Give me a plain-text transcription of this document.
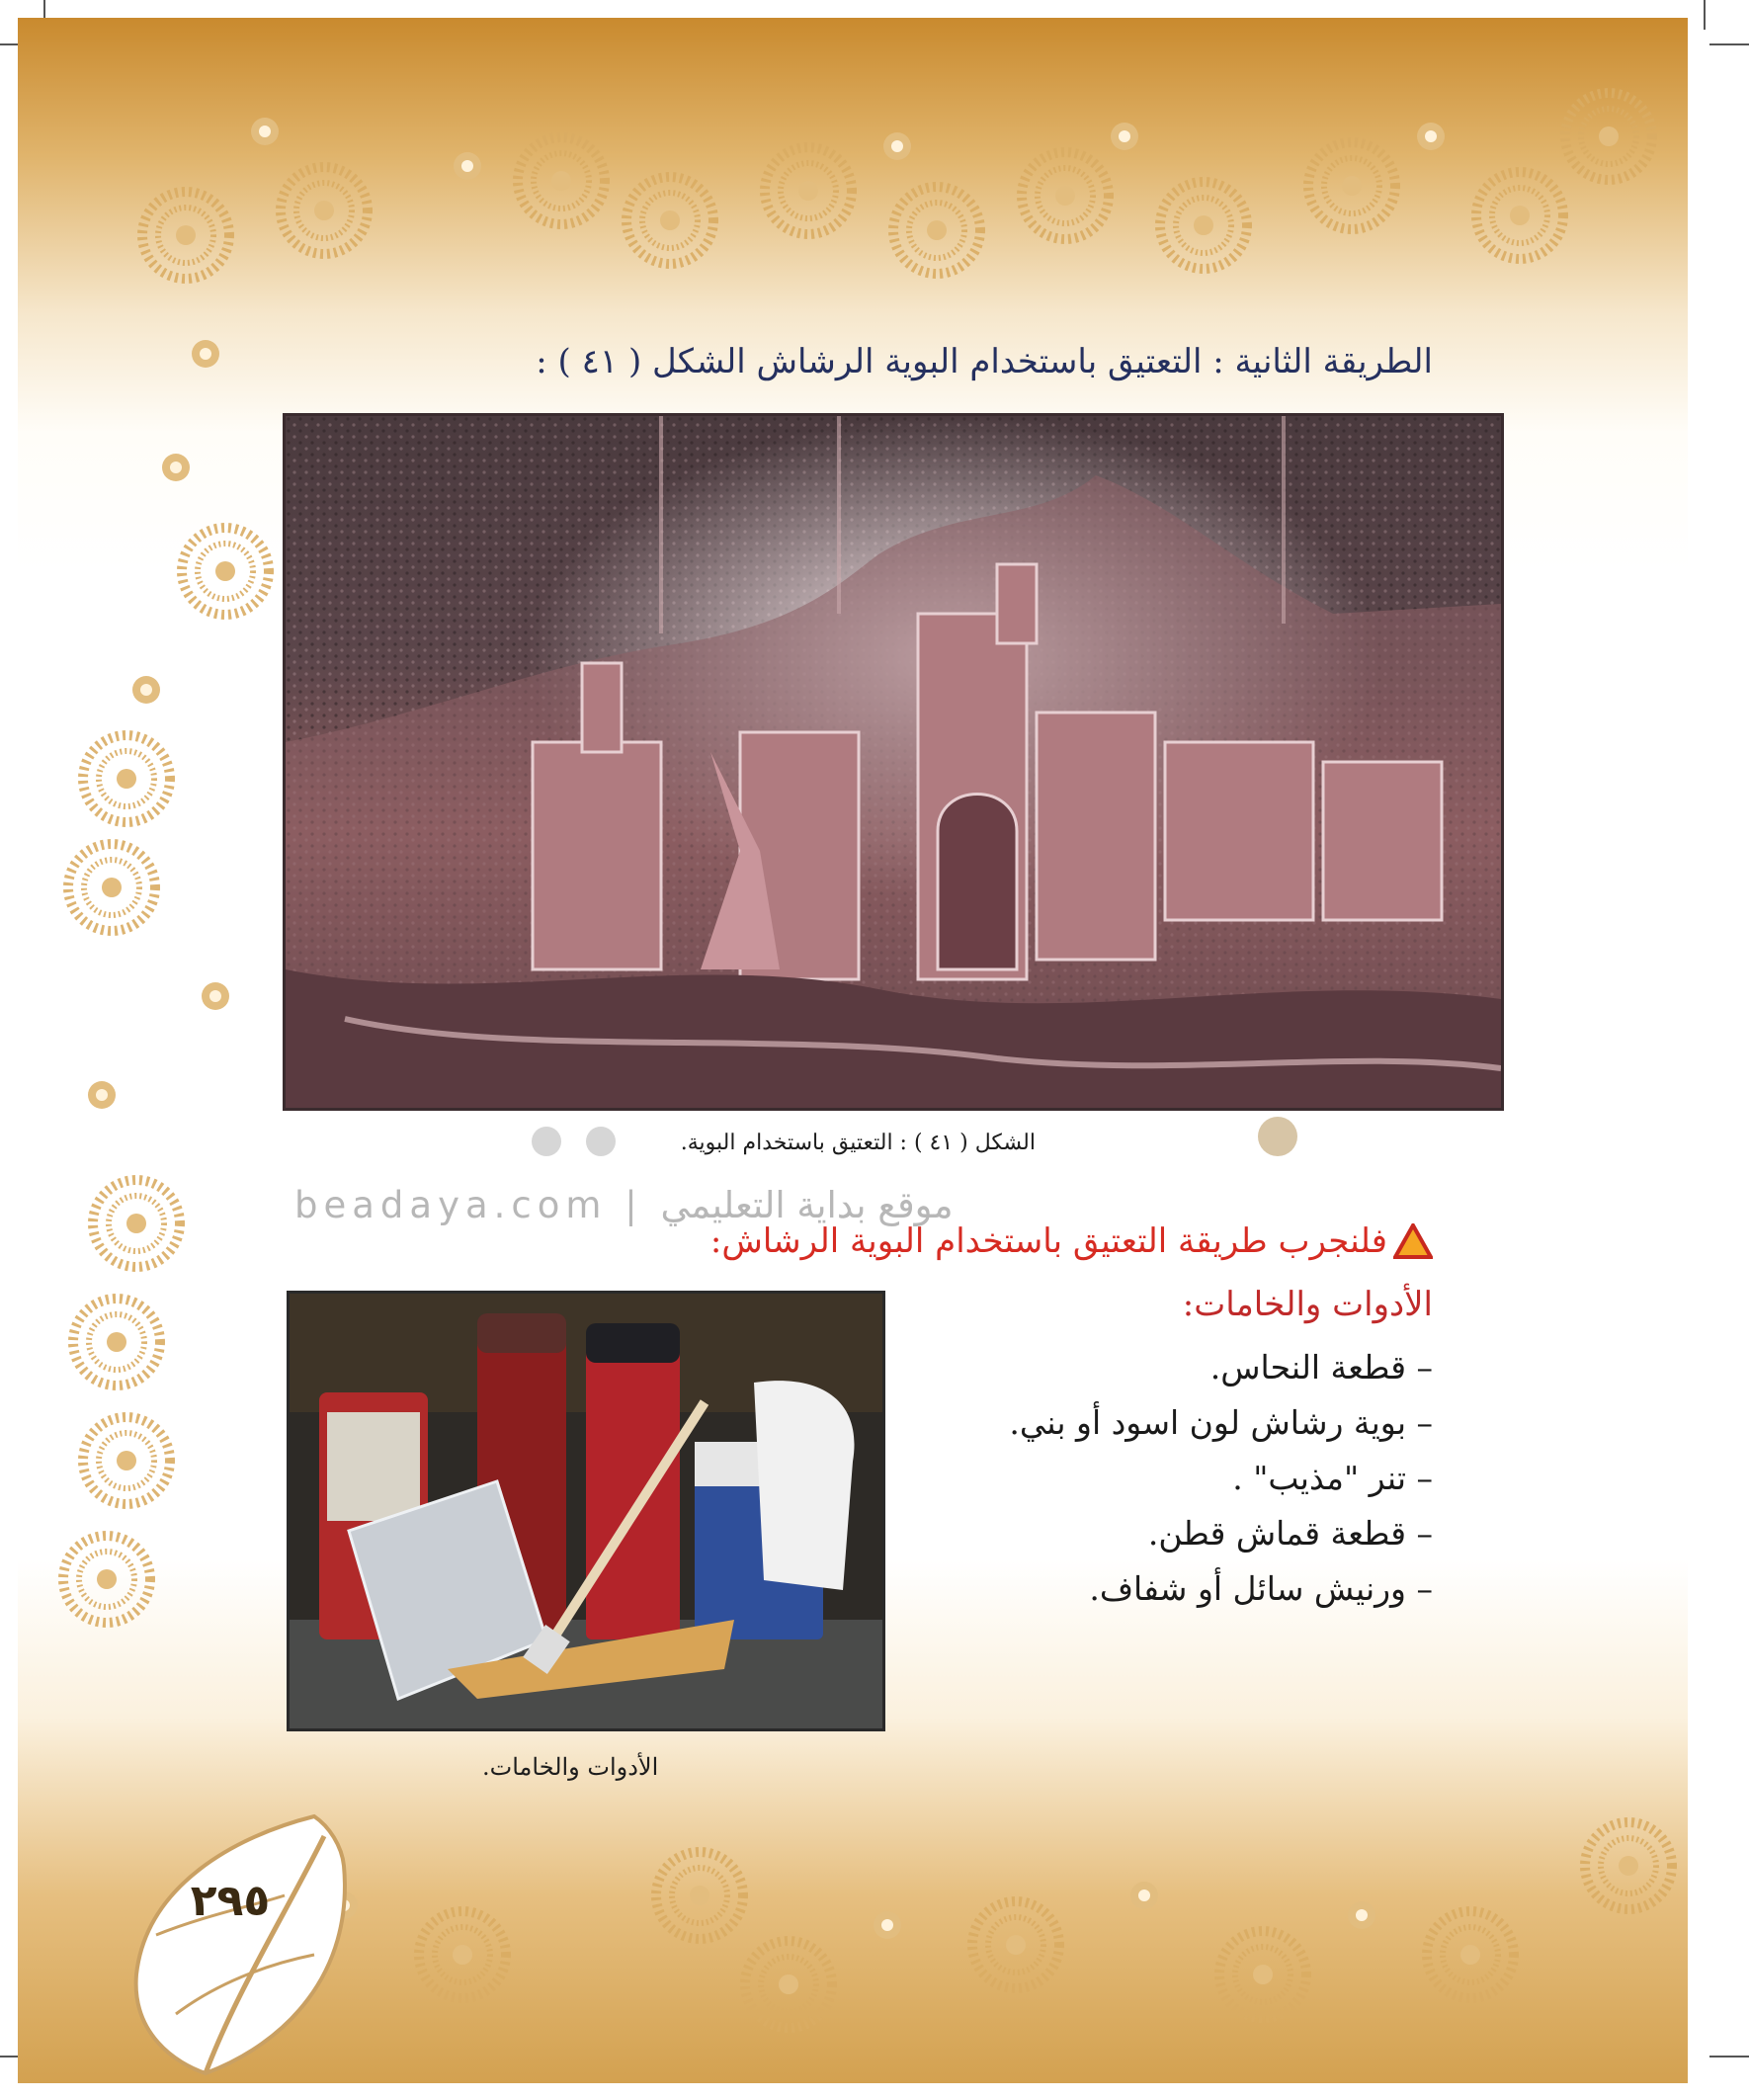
الطريقة الثانية : التعتيق باستخدام البوية الرشاش الشكل ( ٤١ ) :
الشكل ( ٤١ ) : التعتيق باستخدام البوية.
beadaya.com | موقع بداية التعليمي
فلنجرب طريقة التعتيق باستخدام البوية الرشاش:
الأدوات والخامات:
– قطعة النحاس.
– بوية رشاش لون اسود أو بني.
– تنر "مذيب" .
– قطعة قماش قطن.
– ورنيش سائل أو شفاف.
الأدوات والخامات.
٢٩٥
